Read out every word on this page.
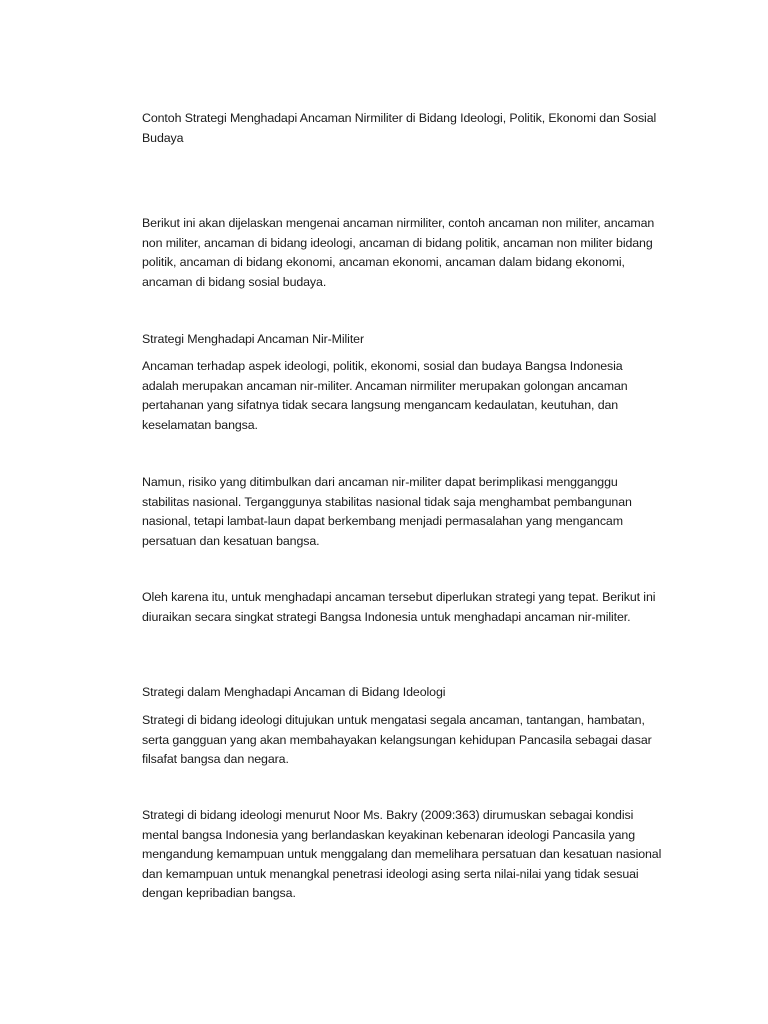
Contoh Strategi Menghadapi Ancaman Nirmiliter di Bidang Ideologi, Politik, Ekonomi dan Sosial Budaya

Berikut ini akan dijelaskan mengenai ancaman nirmiliter, contoh ancaman non militer, ancaman non militer, ancaman di bidang ideologi, ancaman di bidang politik, ancaman non militer bidang politik, ancaman di bidang ekonomi, ancaman ekonomi, ancaman dalam bidang ekonomi, ancaman di bidang sosial budaya.

Strategi Menghadapi Ancaman Nir-Militer

Ancaman terhadap aspek ideologi, politik, ekonomi, sosial dan budaya Bangsa Indonesia adalah merupakan ancaman nir-militer. Ancaman nirmiliter merupakan golongan ancaman pertahanan yang sifatnya tidak secara langsung mengancam kedaulatan, keutuhan, dan keselamatan bangsa.

Namun, risiko yang ditimbulkan dari ancaman nir-militer dapat berimplikasi mengganggu stabilitas nasional. Terganggunya stabilitas nasional tidak saja menghambat pembangunan nasional, tetapi lambat-laun dapat berkembang menjadi permasalahan yang mengancam persatuan dan kesatuan bangsa.

Oleh karena itu, untuk menghadapi ancaman tersebut diperlukan strategi yang tepat. Berikut ini diuraikan secara singkat strategi Bangsa Indonesia untuk menghadapi ancaman nir-militer.

Strategi dalam Menghadapi Ancaman di Bidang Ideologi

Strategi di bidang ideologi ditujukan untuk mengatasi segala ancaman, tantangan, hambatan, serta gangguan yang akan membahayakan kelangsungan kehidupan Pancasila sebagai dasar filsafat bangsa dan negara.

Strategi di bidang ideologi menurut Noor Ms. Bakry (2009:363) dirumuskan sebagai kondisi mental bangsa Indonesia yang berlandaskan keyakinan kebenaran ideologi Pancasila yang mengandung kemampuan untuk menggalang dan memelihara persatuan dan kesatuan nasional dan kemampuan untuk menangkal penetrasi ideologi asing serta nilai-nilai yang tidak sesuai dengan kepribadian bangsa.
